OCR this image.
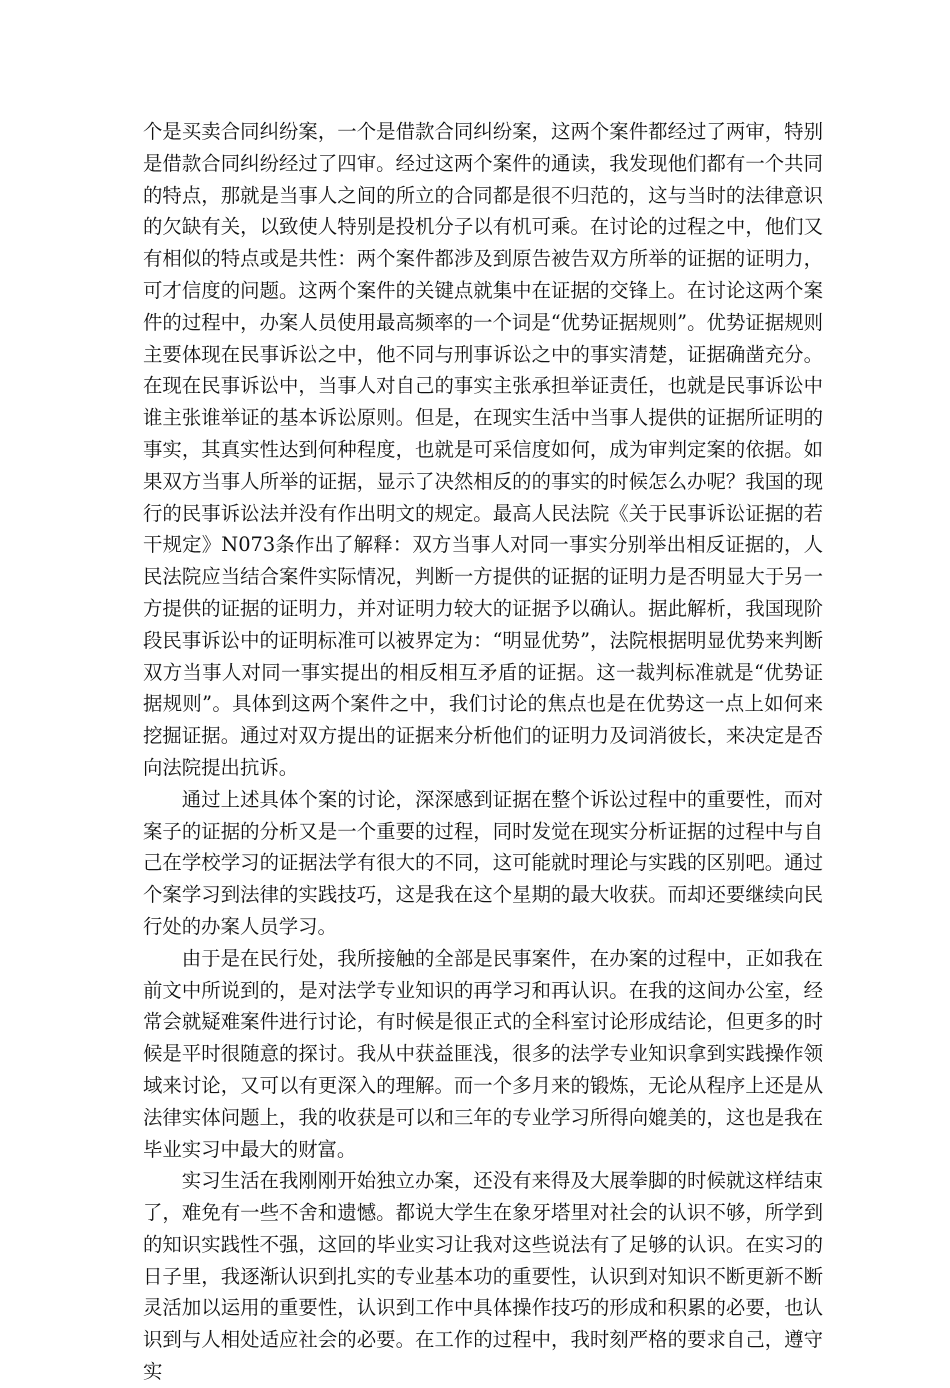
个是买卖合同纠纷案，一个是借款合同纠纷案，这两个案件都经过了两审，特别是借款合同纠纷经过了四审。经过这两个案件的通读，我发现他们都有一个共同的特点，那就是当事人之间的所立的合同都是很不归范的，这与当时的法律意识的欠缺有关，以致使人特别是投机分子以有机可乘。在讨论的过程之中，他们又有相似的特点或是共性：两个案件都涉及到原告被告双方所举的证据的证明力，可才信度的问题。这两个案件的关键点就集中在证据的交锋上。在讨论这两个案件的过程中，办案人员使用最高频率的一个词是“优势证据规则”。优势证据规则主要体现在民事诉讼之中，他不同与刑事诉讼之中的事实清楚，证据确凿充分。在现在民事诉讼中，当事人对自己的事实主张承担举证责任，也就是民事诉讼中谁主张谁举证的基本诉讼原则。但是，在现实生活中当事人提供的证据所证明的事实，其真实性达到何种程度，也就是可采信度如何，成为审判定案的依据。如果双方当事人所举的证据，显示了决然相反的的事实的时候怎么办呢？我国的现行的民事诉讼法并没有作出明文的规定。最高人民法院《关于民事诉讼证据的若干规定》N073条作出了解释：双方当事人对同一事实分别举出相反证据的，人民法院应当结合案件实际情况，判断一方提供的证据的证明力是否明显大于另一方提供的证据的证明力，并对证明力较大的证据予以确认。据此解析，我国现阶段民事诉讼中的证明标准可以被界定为：“明显优势”，法院根据明显优势来判断双方当事人对同一事实提出的相反相互矛盾的证据。这一裁判标准就是“优势证据规则”。具体到这两个案件之中，我们讨论的焦点也是在优势这一点上如何来挖掘证据。通过对双方提出的证据来分析他们的证明力及词消彼长，来决定是否向法院提出抗诉。

通过上述具体个案的讨论，深深感到证据在整个诉讼过程中的重要性，而对案子的证据的分析又是一个重要的过程，同时发觉在现实分析证据的过程中与自己在学校学习的证据法学有很大的不同，这可能就时理论与实践的区别吧。通过个案学习到法律的实践技巧，这是我在这个星期的最大收获。而却还要继续向民行处的办案人员学习。

由于是在民行处，我所接触的全部是民事案件，在办案的过程中，正如我在前文中所说到的，是对法学专业知识的再学习和再认识。在我的这间办公室，经常会就疑难案件进行讨论，有时候是很正式的全科室讨论形成结论，但更多的时候是平时很随意的探讨。我从中获益匪浅，很多的法学专业知识拿到实践操作领域来讨论，又可以有更深入的理解。而一个多月来的锻炼，无论从程序上还是从法律实体问题上，我的收获是可以和三年的专业学习所得向媲美的，这也是我在毕业实习中最大的财富。

实习生活在我刚刚开始独立办案，还没有来得及大展拳脚的时候就这样结束了，难免有一些不舍和遗憾。都说大学生在象牙塔里对社会的认识不够，所学到的知识实践性不强，这回的毕业实习让我对这些说法有了足够的认识。在实习的日子里，我逐渐认识到扎实的专业基本功的重要性，认识到对知识不断更新不断灵活加以运用的重要性，认识到工作中具体操作技巧的形成和积累的必要，也认识到与人相处适应社会的必要。在工作的过程中，我时刻严格的要求自己，遵守实
